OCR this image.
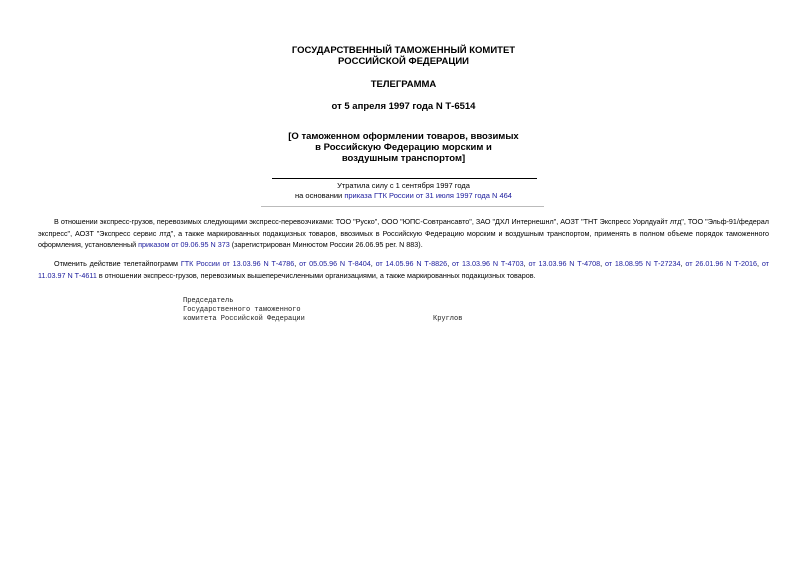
ГОСУДАРСТВЕННЫЙ ТАМОЖЕННЫЙ КОМИТЕТ
РОССИЙСКОЙ ФЕДЕРАЦИИ
ТЕЛЕГРАММА
от 5 апреля 1997 года N Т-6514
[О таможенном оформлении товаров, ввозимых
в Российскую Федерацию морским и
воздушным транспортом]
Утратила силу с 1 сентября 1997 года
на основании приказа ГТК России от 31 июля 1997 года N 464
В отношении экспресс-грузов, перевозимых следующими экспресс-перевозчиками: ТОО "Руско", ООО "ЮПС-Совтрансавто", ЗАО "ДХЛ Интернешнл", АОЗТ "ТНТ Экспресс Уорлдуайт лтд", ТОО "Эльф-91/федерал экспресс", АОЗТ "Экспресс сервис лтд", а также маркированных подакцизных товаров, ввозимых в Российскую Федерацию морским и воздушным транспортом, применять в полном объеме порядок таможенного оформления, установленный приказом от 09.06.95 N 373 (зарегистрирован Минюстом России 26.06.95 рег. N 883).
Отменить действие телетайпограмм ГТК России от 13.03.96 N Т-4786, от 05.05.96 N Т-8404, от 14.05.96 N Т-8826, от 13.03.96 N Т-4703, от 13.03.96 N Т-4708, от 18.08.95 N Т-27234, от 26.01.96 N Т-2016, от 11.03.97 N Т-4611 в отношении экспресс-грузов, перевозимых вышеперечисленными организациями, а также маркированных подакцизных товаров.
Председатель
Государственного таможенного
комитета Российской Федерации	Круглов
